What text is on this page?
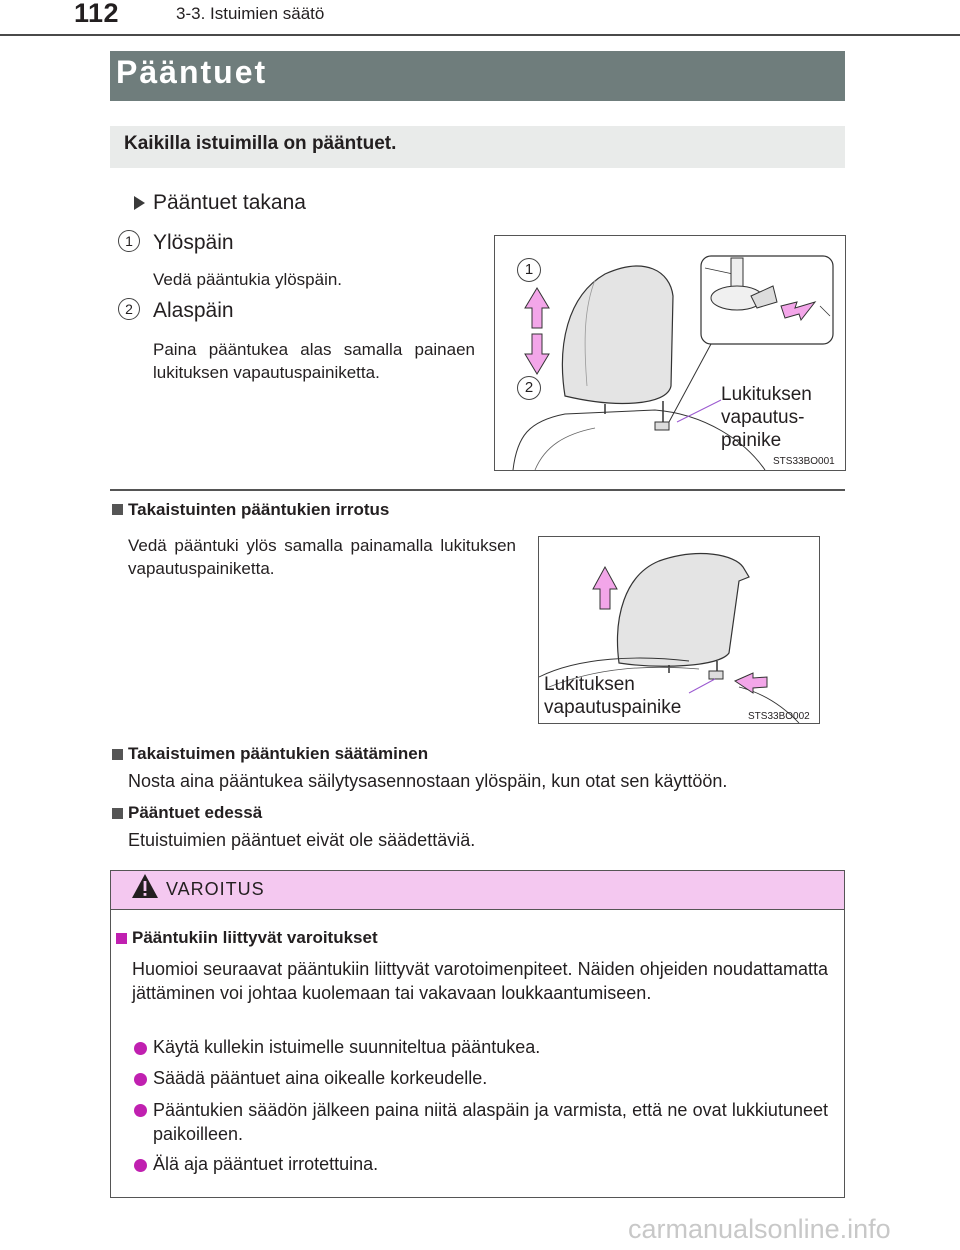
112	3-3. Istuimien säätö
Pääntuet
Kaikilla istuimilla on pääntuet.
Pääntuet takana
1 Ylöspäin
Vedä pääntukia ylöspäin.
2 Alaspäin
Paina pääntukea alas samalla painaen lukituksen vapautuspainiketta.
1
2	Lukituksen
vapautus-
painike
STS33BO001
Takaistuinten pääntukien irrotus
Vedä pääntuki ylös samalla painamalla lukituksen vapautuspainiketta.
Lukituksen
vapautuspainike	STS33BO002
Takaistuimen pääntukien säätäminen
Nosta aina pääntukea säilytysasennostaan ylöspäin, kun otat sen käyttöön.
Pääntuet edessä
Etuistuimien pääntuet eivät ole säädettäviä.
VAROITUS
Pääntukiin liittyvät varoitukset
Huomioi seuraavat pääntukiin liittyvät varotoimenpiteet. Näiden ohjeiden noudattamatta jättäminen voi johtaa kuolemaan tai vakavaan loukkaantumiseen.
Käytä kullekin istuimelle suunniteltua pääntukea.
Säädä pääntuet aina oikealle korkeudelle.
Pääntukien säädön jälkeen paina niitä alaspäin ja varmista, että ne ovat lukkiutuneet paikoilleen.
Älä aja pääntuet irrotettuina.
carmanualsonline.info
